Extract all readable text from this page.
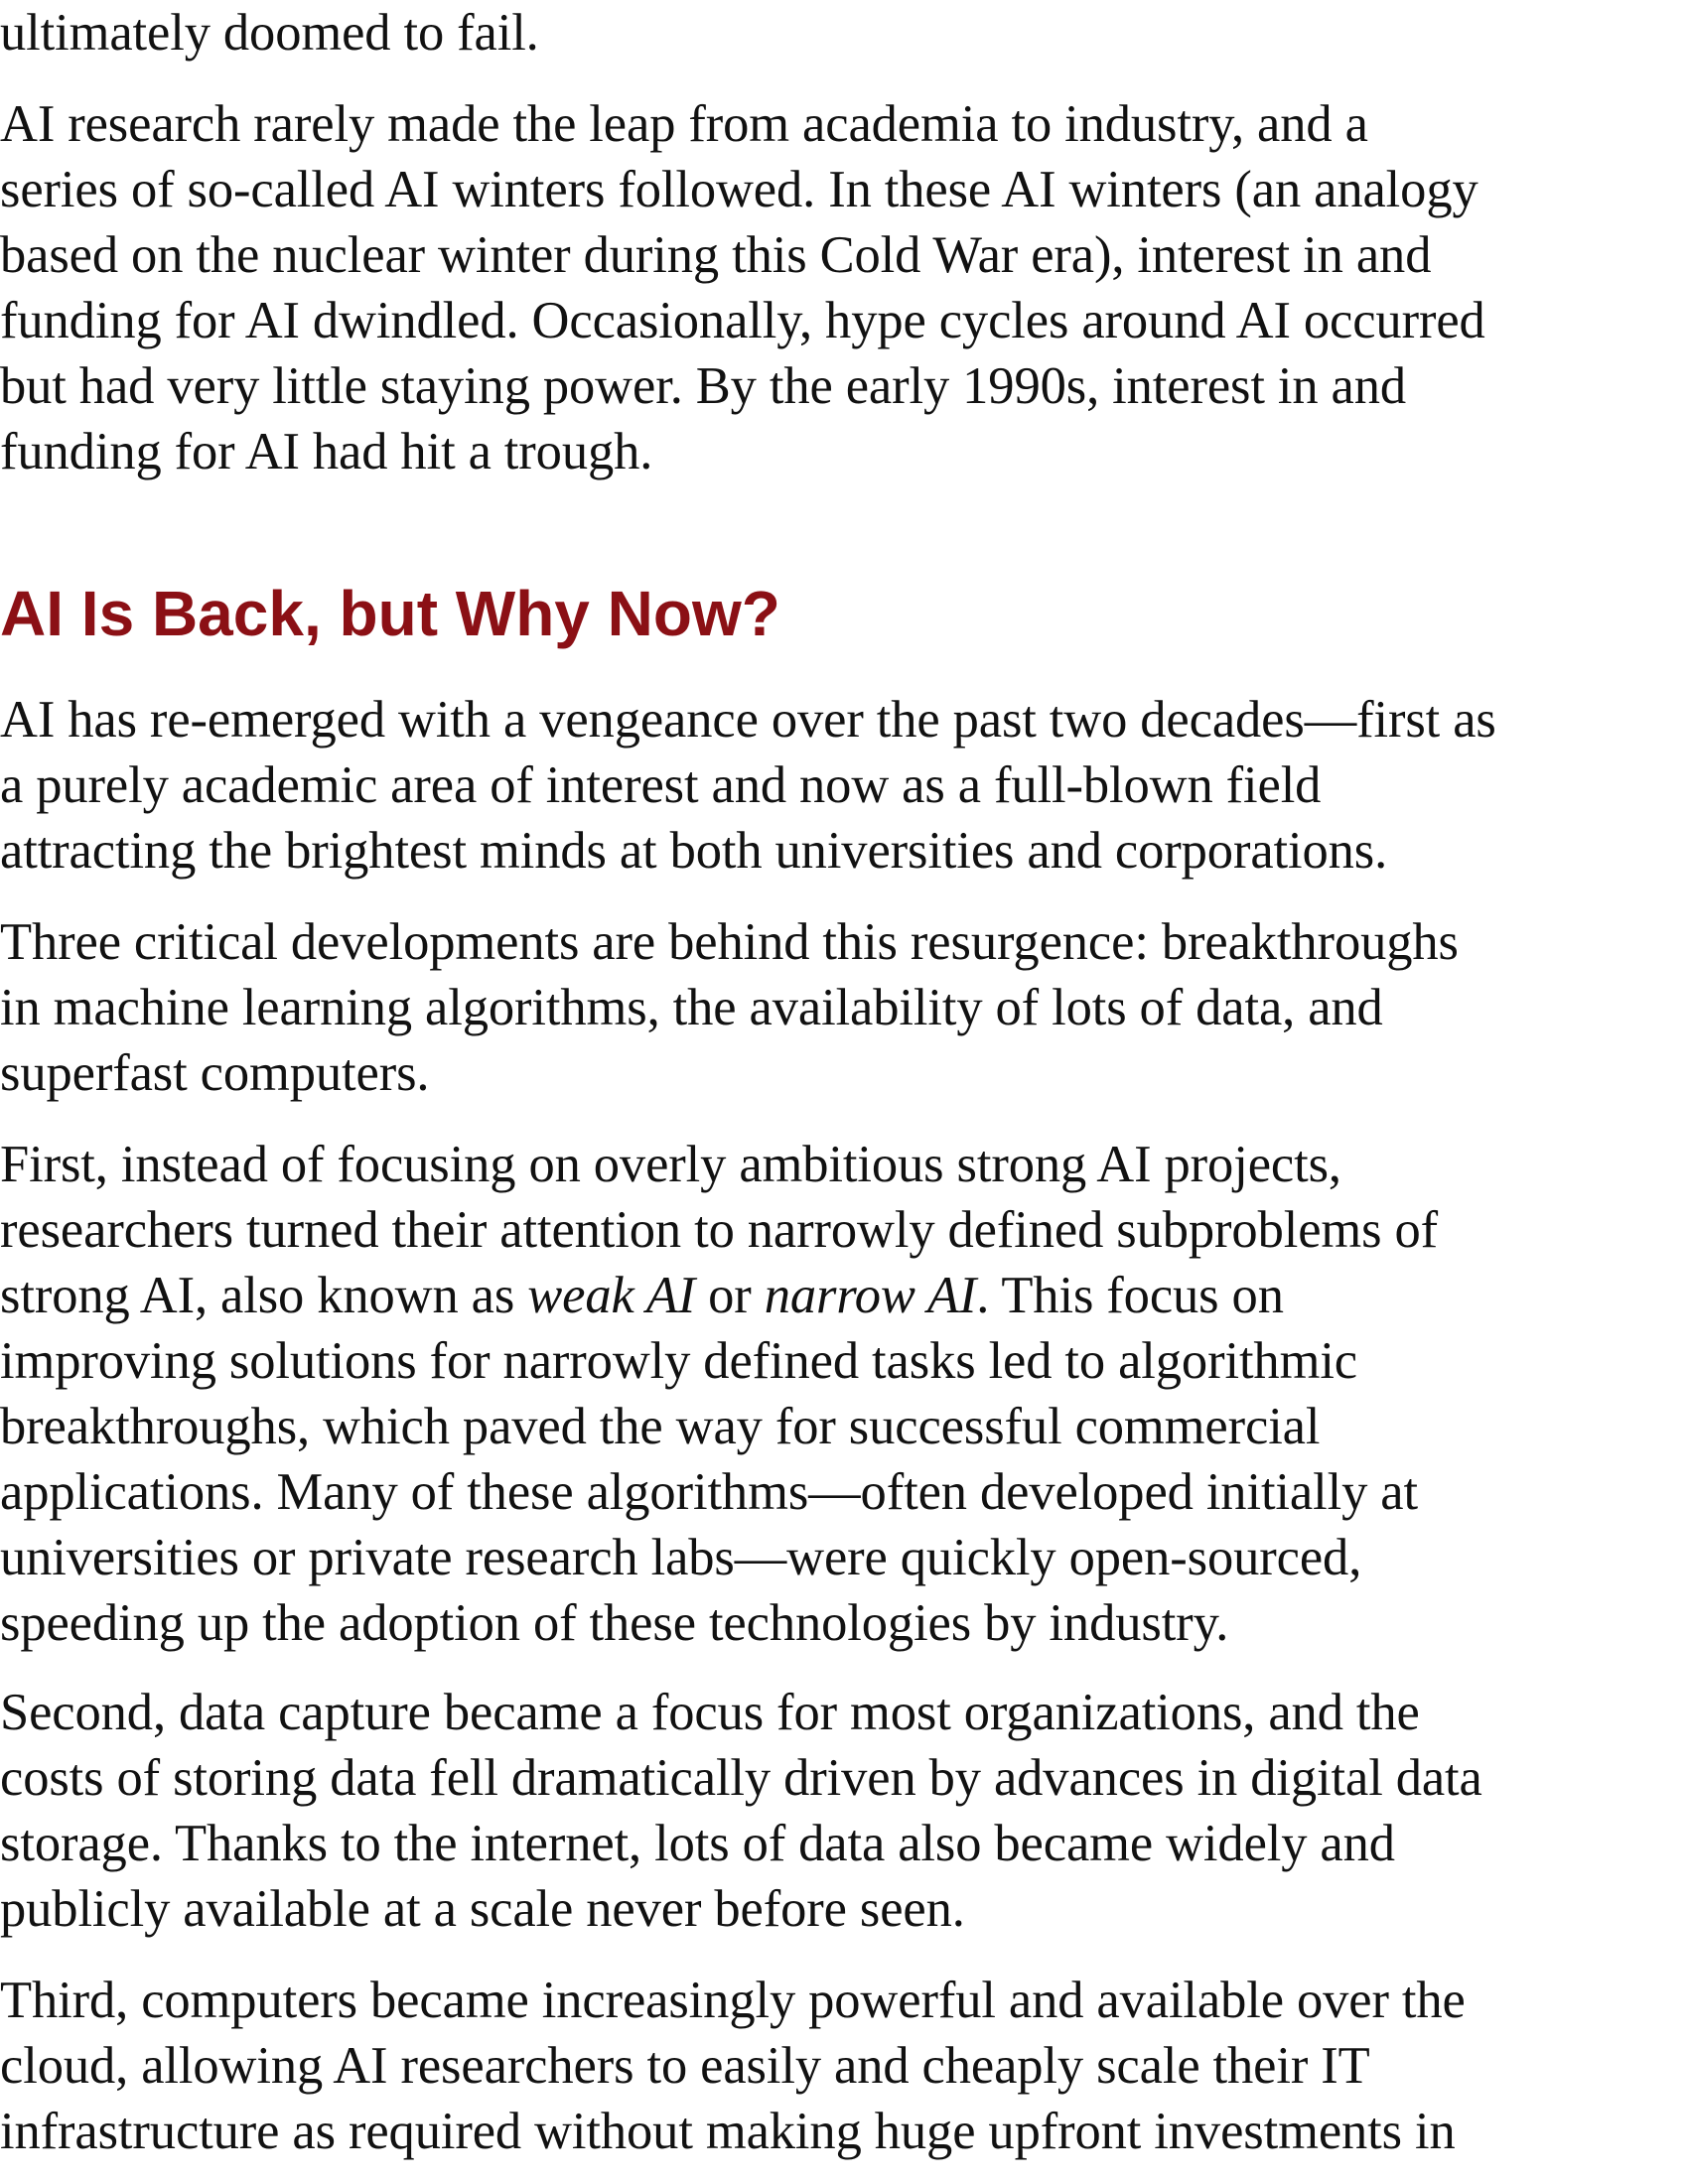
ultimately doomed to fail.

AI research rarely made the leap from academia to industry, and a
series of so-called AI winters followed. In these AI winters (an analogy
based on the nuclear winter during this Cold War era), interest in and
funding for AI dwindled. Occasionally, hype cycles around AI occurred
but had very little staying power. By the early 1990s, interest in and
funding for AI had hit a trough.

AI Is Back, but Why Now?

AI has re-emerged with a vengeance over the past two decades—first as
a purely academic area of interest and now as a full-blown field
attracting the brightest minds at both universities and corporations.

Three critical developments are behind this resurgence: breakthroughs
in machine learning algorithms, the availability of lots of data, and
superfast computers.

First, instead of focusing on overly ambitious strong AI projects,
researchers turned their attention to narrowly defined subproblems of
strong AI, also known as weak AI or narrow AI. This focus on
improving solutions for narrowly defined tasks led to algorithmic
breakthroughs, which paved the way for successful commercial
applications. Many of these algorithms—often developed initially at
universities or private research labs—were quickly open-sourced,
speeding up the adoption of these technologies by industry.

Second, data capture became a focus for most organizations, and the
costs of storing data fell dramatically driven by advances in digital data
storage. Thanks to the internet, lots of data also became widely and
publicly available at a scale never before seen.

Third, computers became increasingly powerful and available over the
cloud, allowing AI researchers to easily and cheaply scale their IT
infrastructure as required without making huge upfront investments in
